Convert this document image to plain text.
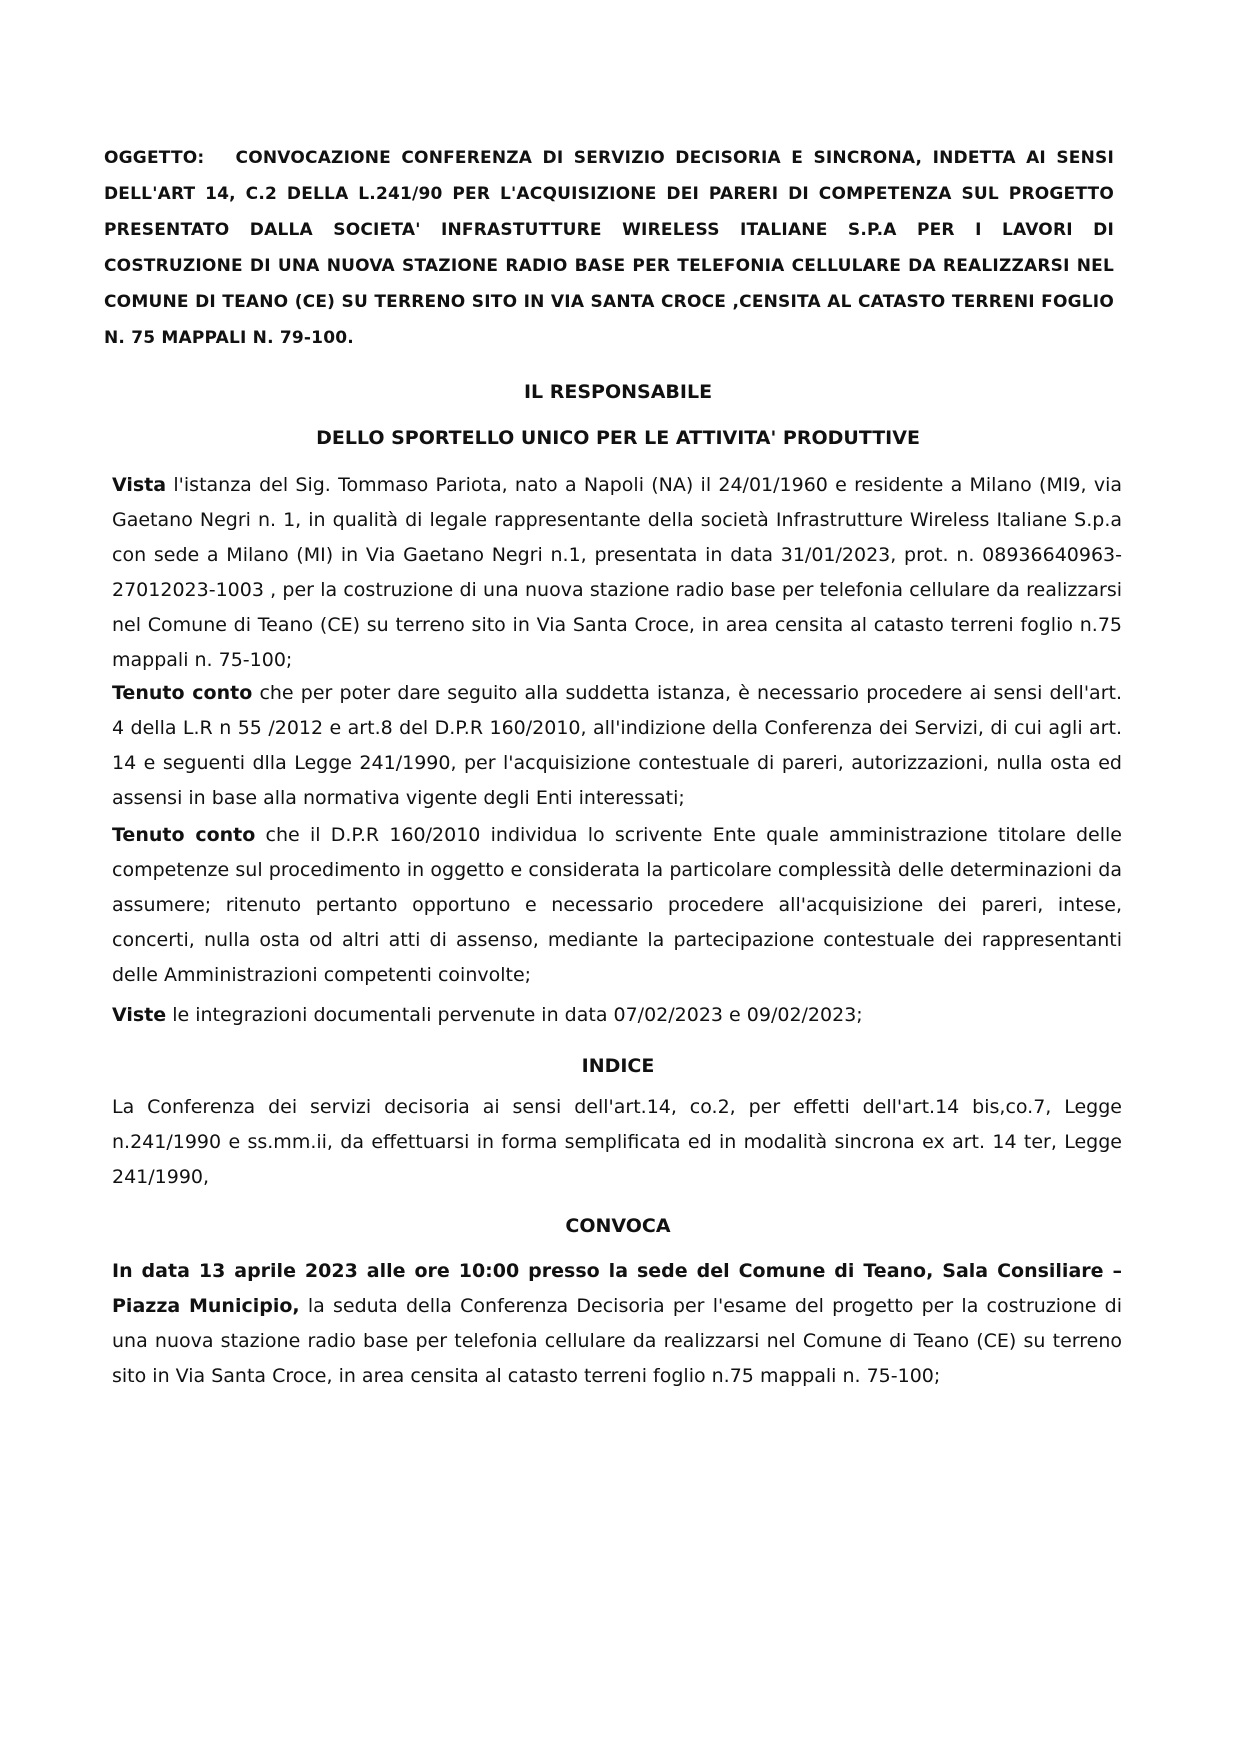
OGGETTO: CONVOCAZIONE CONFERENZA DI SERVIZIO DECISORIA E SINCRONA, INDETTA AI SENSI DELL'ART 14, C.2 DELLA L.241/90 PER L'ACQUISIZIONE DEI PARERI DI COMPETENZA SUL PROGETTO PRESENTATO DALLA SOCIETA' INFRASTUTTURE WIRELESS ITALIANE S.P.A PER I LAVORI DI COSTRUZIONE DI UNA NUOVA STAZIONE RADIO BASE PER TELEFONIA CELLULARE DA REALIZZARSI NEL COMUNE DI TEANO (CE) SU TERRENO SITO IN VIA SANTA CROCE ,CENSITA AL CATASTO TERRENI FOGLIO N. 75 MAPPALI N. 79-100.
IL RESPONSABILE
DELLO SPORTELLO UNICO PER LE ATTIVITA' PRODUTTIVE

Vista l'istanza del Sig. Tommaso Pariota, nato a Napoli (NA) il 24/01/1960 e residente a Milano (MI9, via Gaetano Negri n. 1, in qualità di legale rappresentante della società Infrastrutture Wireless Italiane S.p.a con sede a Milano (MI) in Via Gaetano Negri n.1, presentata in data 31/01/2023, prot. n. 08936640963-27012023-1003 , per la costruzione di una nuova stazione radio base per telefonia cellulare da realizzarsi nel Comune di Teano (CE) su terreno sito in Via Santa Croce, in area censita al catasto terreni foglio n.75 mappali n. 75-100;

Tenuto conto che per poter dare seguito alla suddetta istanza, è necessario procedere ai sensi dell'art. 4 della L.R n 55 /2012 e art.8 del D.P.R 160/2010, all'indizione della Conferenza dei Servizi, di cui agli art. 14 e seguenti dlla Legge 241/1990, per l'acquisizione contestuale di pareri, autorizzazioni, nulla osta ed assensi in base alla normativa vigente degli Enti interessati;

Tenuto conto che il D.P.R 160/2010 individua lo scrivente Ente quale amministrazione titolare delle competenze sul procedimento in oggetto e considerata la particolare complessità delle determinazioni da assumere; ritenuto pertanto opportuno e necessario procedere all'acquisizione dei pareri, intese, concerti, nulla osta od altri atti di assenso, mediante la partecipazione contestuale dei rappresentanti delle Amministrazioni competenti coinvolte;

Viste le integrazioni documentali pervenute in data 07/02/2023 e 09/02/2023;

INDICE

La Conferenza dei servizi decisoria ai sensi dell'art.14, co.2, per effetti dell'art.14 bis,co.7, Legge n.241/1990 e ss.mm.ii, da effettuarsi in forma semplificata ed in modalità sincrona ex art. 14 ter, Legge 241/1990,

CONVOCA

In data 13 aprile 2023 alle ore 10:00 presso la sede del Comune di Teano, Sala Consiliare – Piazza Municipio, la seduta della Conferenza Decisoria per l'esame del progetto per la costruzione di una nuova stazione radio base per telefonia cellulare da realizzarsi nel Comune di Teano (CE) su terreno sito in Via Santa Croce, in area censita al catasto terreni foglio n.75 mappali n. 75-100;
